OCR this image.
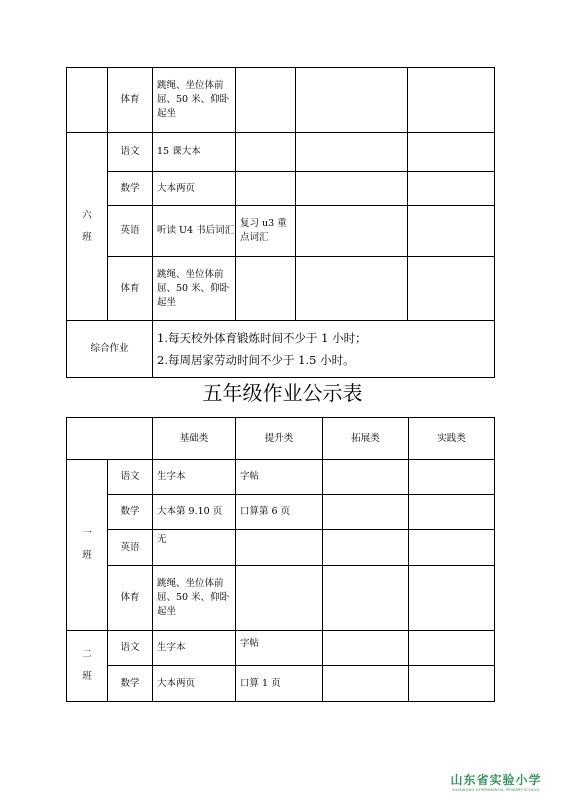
	体育	跳绳、坐位体前屈、50 米、仰卧起坐			
六班	语文	15 课大本			
	数学	大本两页			
	英语	听读 U4 书后词汇	复习 u3 重点词汇		
	体育	跳绳、坐位体前屈、50 米、仰卧起坐			
综合作业		1.每天校外体育锻炼时间不少于 1 小时；
2.每周居家劳动时间不少于 1.5 小时。			
五年级作业公示表
		基础类	提升类	拓展类	实践类
一班	语文	生字本	字帖		
	数学	大本第 9.10 页	口算第 6 页		
	英语	无			
	体育	跳绳、坐位体前屈、50 米、仰卧起坐			
二班	语文	生字本	字帖		
	数学	大本两页	口算 1 页		
山东省实验小学
SHANDONG EXPERIMENTAL PRIMARY SCHOOL
